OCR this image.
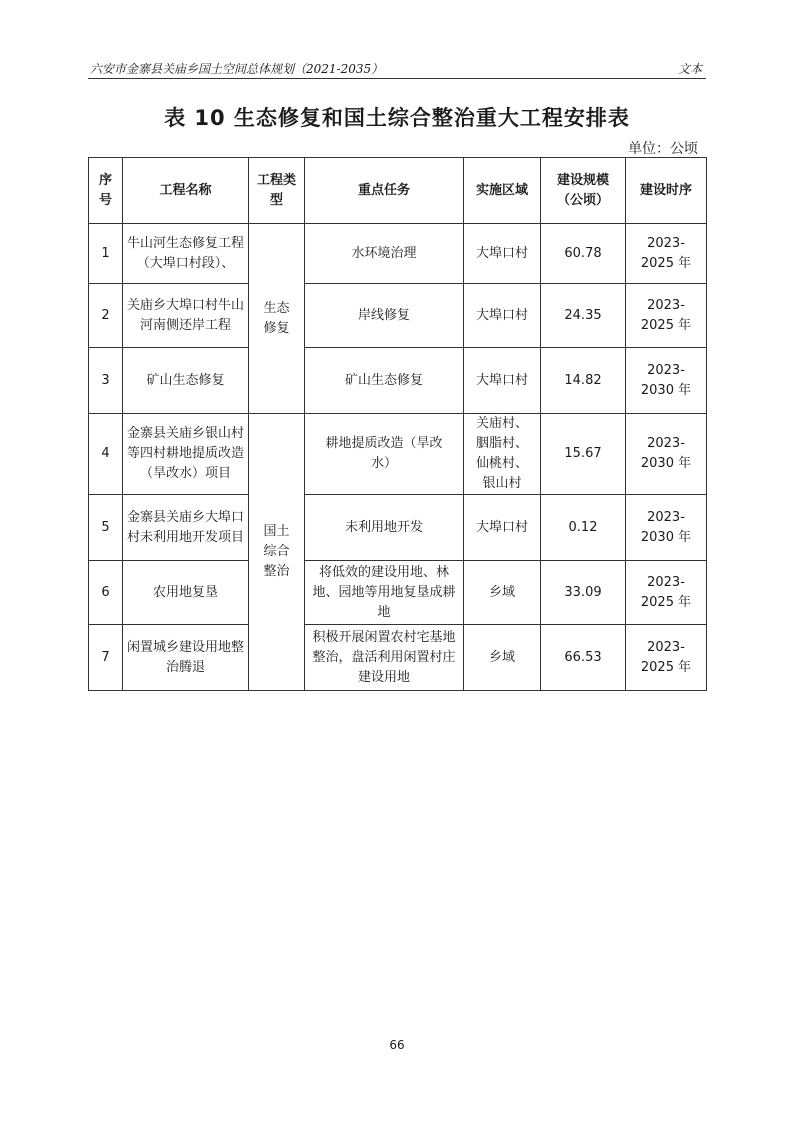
六安市金寨县关庙乡国土空间总体规划（2021-2035）	文本
表 10 生态修复和国土综合整治重大工程安排表
单位：公顷
序号	工程名称	工程类型	重点任务	实施区域	建设规模（公顷）	建设时序
1	牛山河生态修复工程（大埠口村段）、	生态修复	水环境治理	大埠口村	60.78	2023-2025 年
2	关庙乡大埠口村牛山河南侧还岸工程		岸线修复	大埠口村	24.35	2023-2025 年
3	矿山生态修复		矿山生态修复	大埠口村	14.82	2023-2030 年
4	金寨县关庙乡银山村等四村耕地提质改造（旱改水）项目	国土综合整治	耕地提质改造（旱改水）	关庙村、胭脂村、仙桃村、银山村	15.67	2023-2030 年
5	金寨县关庙乡大埠口村未利用地开发项目		未利用地开发	大埠口村	0.12	2023-2030 年
6	农用地复垦		将低效的建设用地、林地、园地等用地复垦成耕地	乡域	33.09	2023-2025 年
7	闲置城乡建设用地整治腾退		积极开展闲置农村宅基地整治，盘活利用闲置村庄建设用地	乡域	66.53	2023-2025 年
66
